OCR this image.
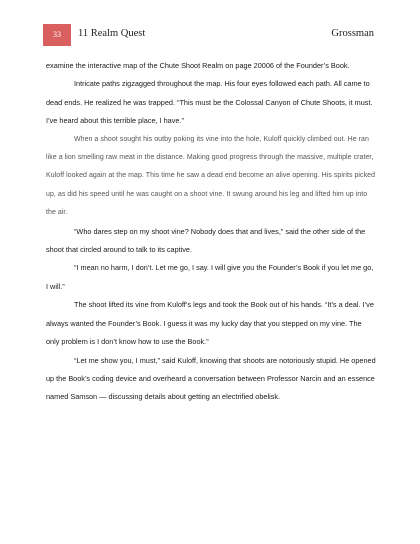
33	11 Realm Quest	Grossman

examine the interactive map of the Chute Shoot Realm on page 20006 of the Founder’s Book.

Intricate paths zigzagged throughout the map. His four eyes followed each path. All came to dead ends. He realized he was trapped. “This must be the Colossal Canyon of Chute Shoots, it must. I’ve heard about this terrible place, I have.”

When a shoot sought his outby poking its vine into the hole, Kuloff quickly climbed out. He ran like a lion smelling raw meat in the distance. Making good progress through the massive, multiple crater, Kuloff looked again at the map. This time he saw a dead end become an alive opening. His spirits picked up, as did his speed until he was caught on a shoot vine. It swung around his leg and lifted him up into the air.

“Who dares step on my shoot vine? Nobody does that and lives,” said the other side of the shoot that circled around to talk to its captive.

“I mean no harm, I don’t. Let me go, I say. I will give you the Founder’s Book if you let me go, I will.”

The shoot lifted its vine from Kuloff’s legs and took the Book out of his hands. “It’s a deal. I’ve always wanted the Founder’s Book. I guess it was my lucky day that you stepped on my vine. The only problem is I don’t know how to use the Book.”

“Let me show you, I must,” said Kuloff, knowing that shoots are notoriously stupid. He opened up the Book’s coding device and overheard a conversation between Professor Narcin and an essence named Samson — discussing details about getting an electrified obelisk.
